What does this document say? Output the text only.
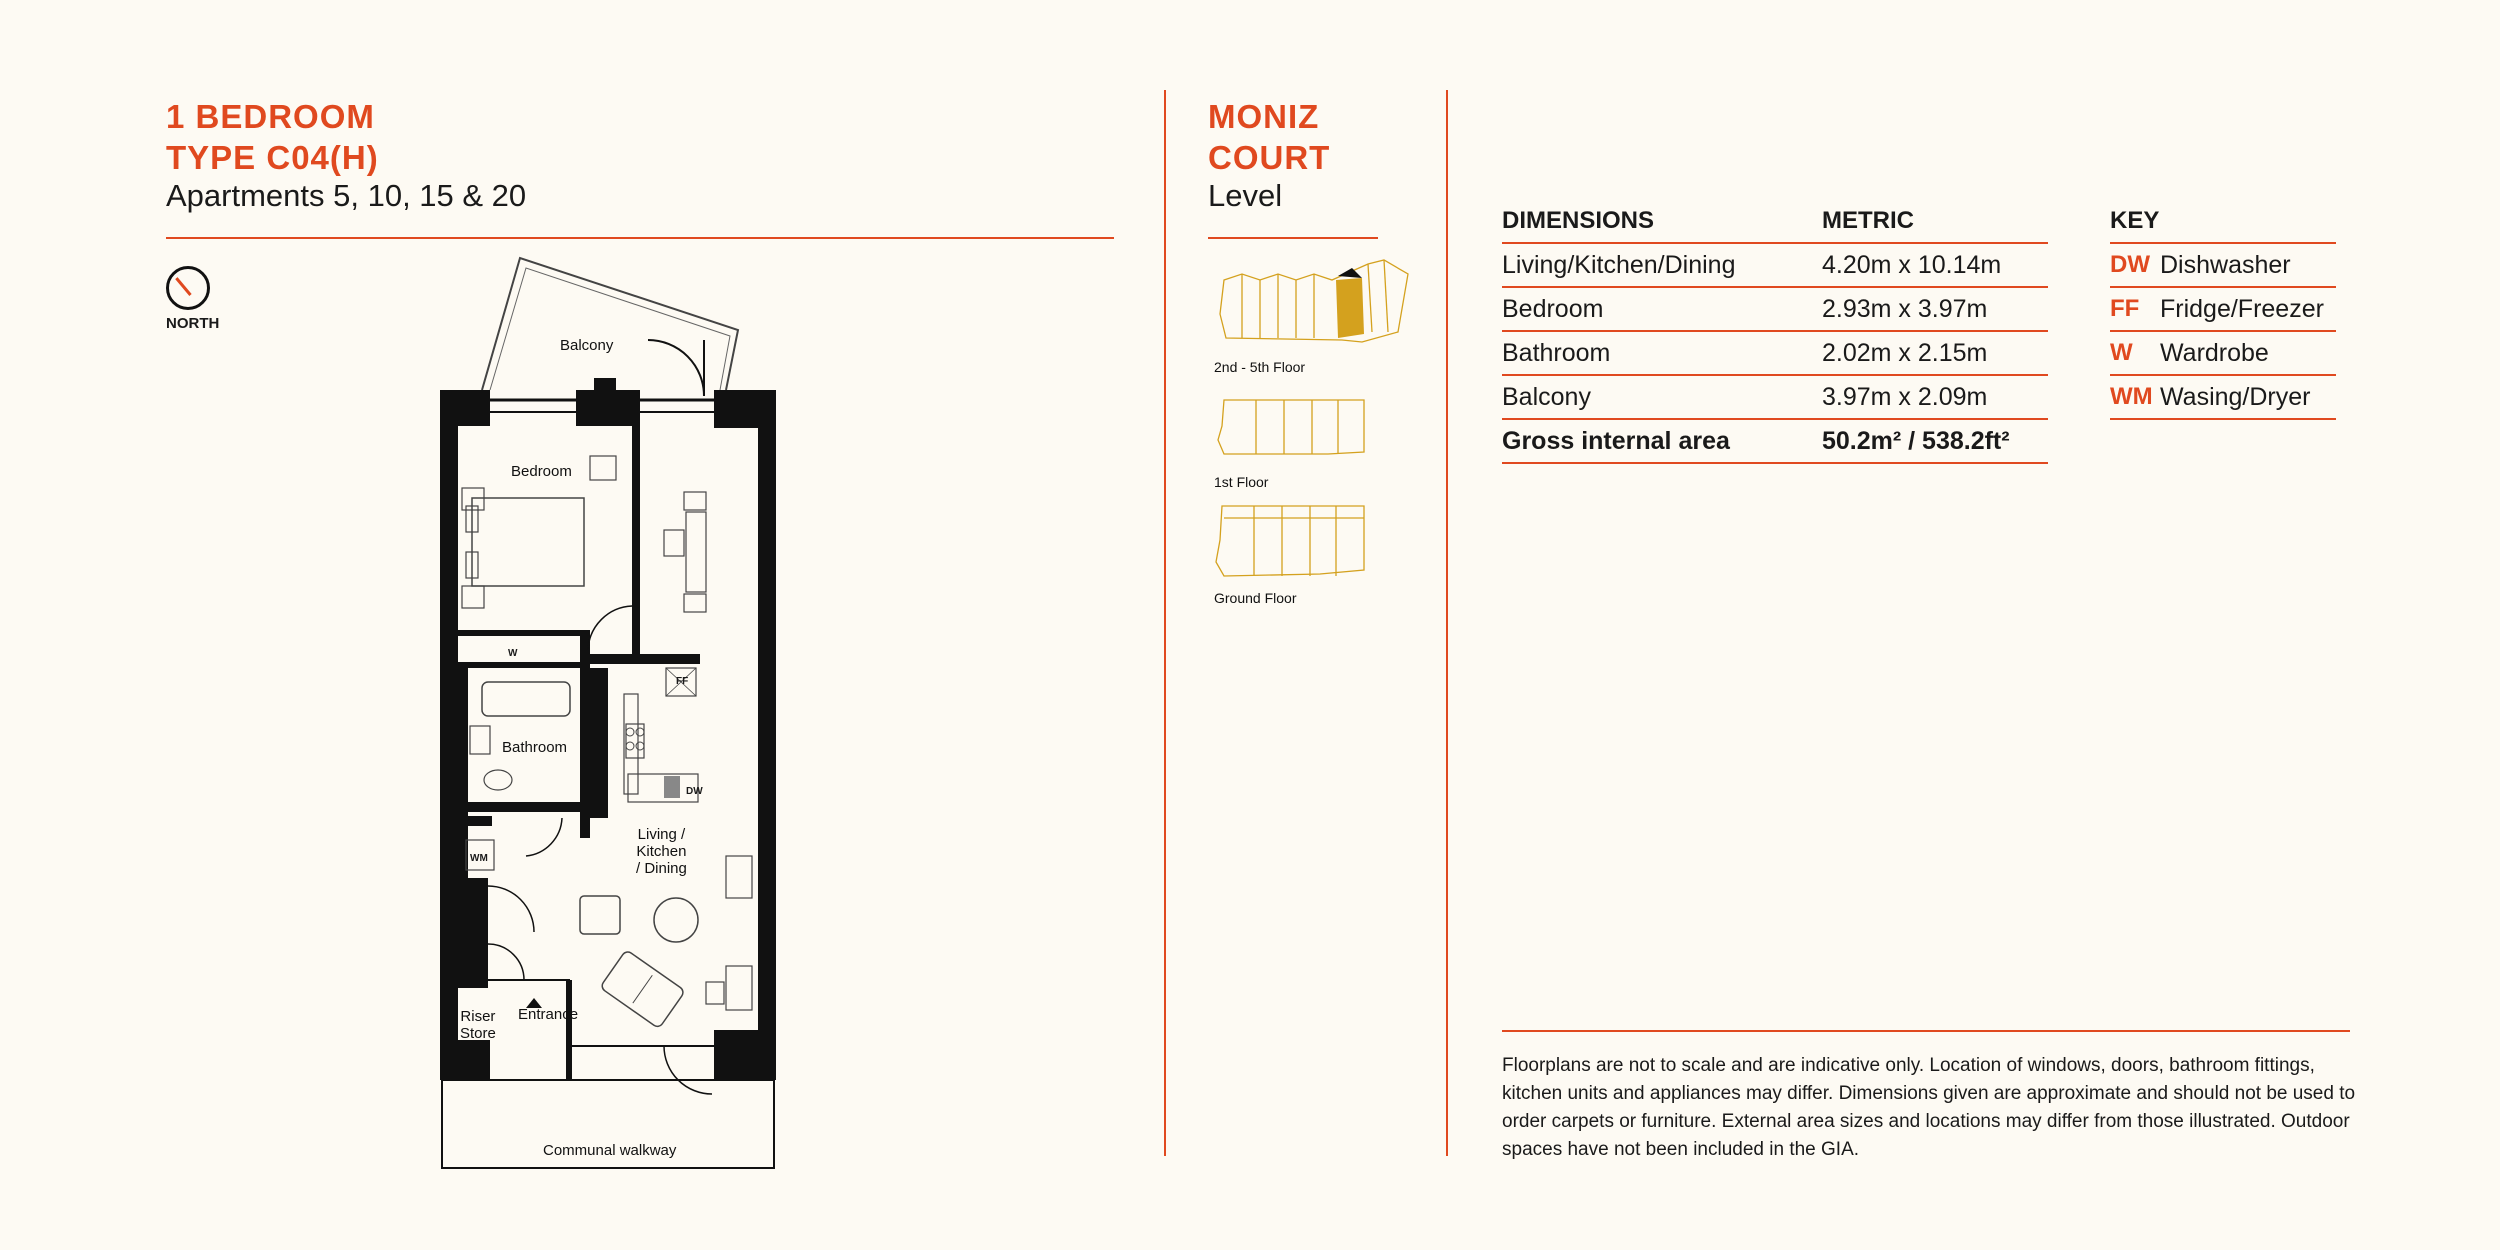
1 BEDROOM
TYPE C04(H)
Apartments 5, 10, 15 & 20
NORTH
Balcony
Bedroom
Bathroom
Living /
Kitchen
/ Dining
Riser
Store
Entrance
Communal walkway
W
WM
FF
DW
MONIZ
COURT
Level
2nd - 5th Floor
1st Floor
Ground Floor
DIMENSIONS	METRIC
Living/Kitchen/Dining	4.20m x 10.14m
Bedroom	2.93m x 3.97m
Bathroom	2.02m x 2.15m
Balcony	3.97m x 2.09m
Gross internal area	50.2m² / 538.2ft²
KEY
DW Dishwasher
FF Fridge/Freezer
W	Wardrobe
WM Wasing/Dryer
Floorplans are not to scale and are indicative only. Location of windows, doors, bathroom fittings, kitchen units and appliances may differ. Dimensions given are approximate and should not be used to order carpets or furniture. External area sizes and locations may differ from those illustrated. Outdoor spaces have not been included in the GIA.
